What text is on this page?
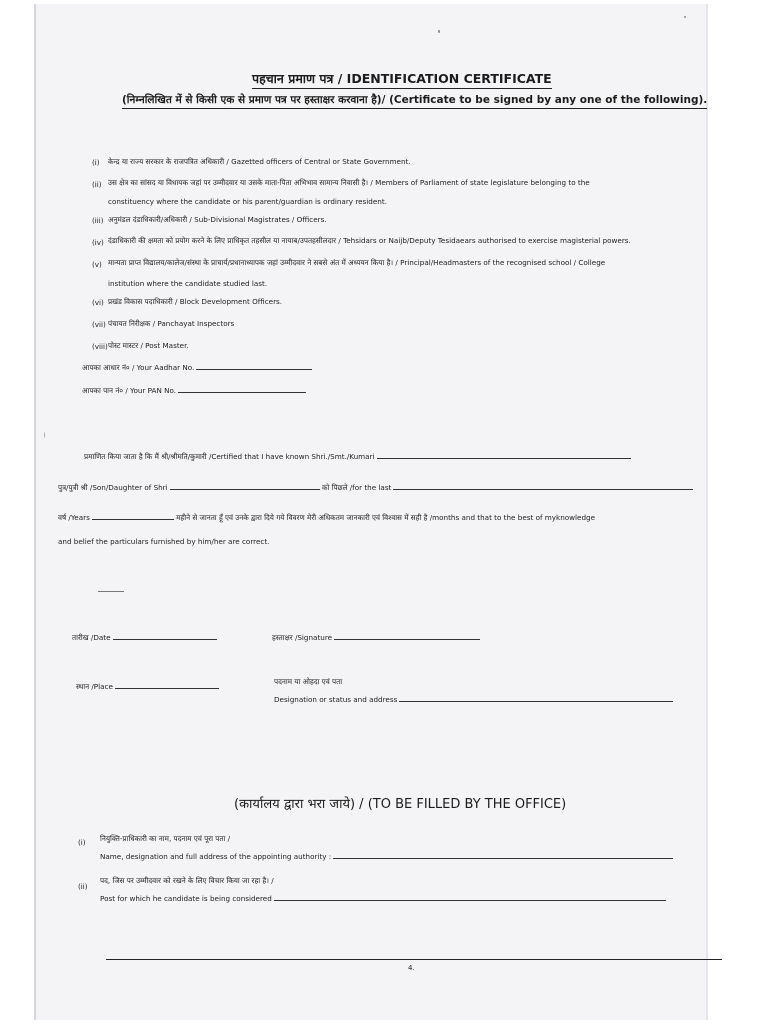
पहचान प्रमाण पत्र / IDENTIFICATION CERTIFICATE
(निम्नलिखित में से किसी एक से प्रमाण पत्र पर हस्ताक्षर करवाना है)/ (Certificate to be signed by any one of the following).
(i) केन्द्र या राज्य सरकार के राजपत्रित अधिकारी / Gazetted officers of Central or State Government.
(ii) उस क्षेत्र का सांसद या विधायक जहां पर उम्मीदवार या उसके माता-पिता अभिभाव सामान्य निवासी है। / Members of Parliament of state legislature belonging to the
constituency where the candidate or his parent/guardian is ordinary resident.
(iii) अनुमंडल दंडाधिकारी/अधिकारी / Sub-Divisional Magistrates / Officers.
(iv) दंडाधिकारी की क्षमता को प्रयोग करने के लिए प्राधिकृत तहसील या नायाब/उपतहसीलदार / Tehsidars or Naijb/Deputy Tesidaears authorised to exercise magisterial powers.
(v) मान्यता प्राप्त विद्यालय/कालेज/संस्था के प्राचार्य/प्रधानाध्यापक जहां उम्मीदवार ने सबसे अंत में अध्ययन किया है। / Principal/Headmasters of the recognised school / College
institution where the candidate studied last.
(vi) प्रखंड विकास पदाधिकारी / Block Development Officers.
(vii) पंचायत निरीक्षक / Panchayat Inspectors
(viii) पोस्ट मास्टर / Post Master.
आपका आधार नं० / Your Aadhar No.
आपका पान नं० / Your PAN No.
प्रमाणित किया जाता है कि मैं श्री/श्रीमति/कुमारी /Certified that I have known Shri./Smt./Kumari
पुत्र/पुत्री श्री /Son/Daughter of Shri	को पिछले /for the last
वर्ष /Years	महीने से जानता हूँ एवं उनके द्वारा दिये गये विवरण मेरी अधिकतम जानकारी एवं विश्वास में सही है /months and that to the best of myknowledge
and belief the particulars furnished by him/her are correct.
तारीख /Date	हस्ताक्षर /Signature
स्थान /Place
पदनाम या ओहदा एवं पता
Designation or status and address
(कार्यालय द्वारा भरा जाये) / (TO BE FILLED BY THE OFFICE)
(i) नियुक्ति-प्राधिकारी का नाम, पदनाम एवं पूरा पता /
Name, designation and full address of the appointing authority :
(ii)
पद, जिस पर उम्मीदवार को रखने के लिए विचार किया जा रहा है। /
Post for which he candidate is being considered
4.
